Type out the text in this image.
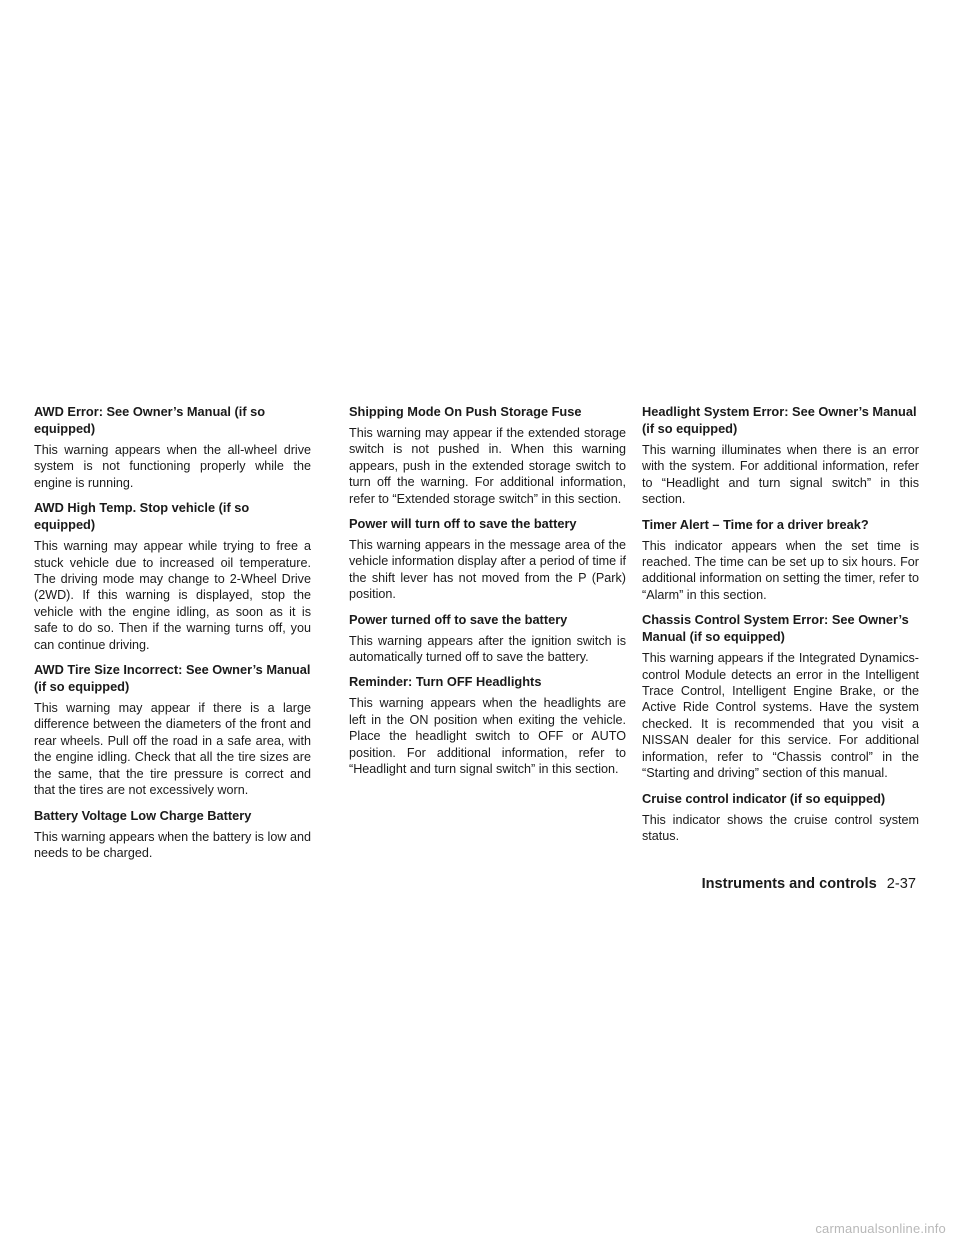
AWD Error: See Owner’s Manual (if so equipped)
This warning appears when the all-wheel drive system is not functioning properly while the engine is running.
AWD High Temp. Stop vehicle (if so equipped)
This warning may appear while trying to free a stuck vehicle due to increased oil temperature. The driving mode may change to 2-Wheel Drive (2WD). If this warning is displayed, stop the vehicle with the engine idling, as soon as it is safe to do so. Then if the warning turns off, you can continue driving.
AWD Tire Size Incorrect: See Owner’s Manual (if so equipped)
This warning may appear if there is a large difference between the diameters of the front and rear wheels. Pull off the road in a safe area, with the engine idling. Check that all the tire sizes are the same, that the tire pressure is correct and that the tires are not excessively worn.
Battery Voltage Low Charge Battery
This warning appears when the battery is low and needs to be charged.
Shipping Mode On Push Storage Fuse
This warning may appear if the extended storage switch is not pushed in. When this warning appears, push in the extended storage switch to turn off the warning. For additional information, refer to “Extended storage switch” in this section.
Power will turn off to save the battery
This warning appears in the message area of the vehicle information display after a period of time if the shift lever has not moved from the P (Park) position.
Power turned off to save the battery
This warning appears after the ignition switch is automatically turned off to save the battery.
Reminder: Turn OFF Headlights
This warning appears when the headlights are left in the ON position when exiting the vehicle. Place the headlight switch to OFF or AUTO position. For additional information, refer to “Headlight and turn signal switch” in this section.
Headlight System Error: See Owner’s Manual (if so equipped)
This warning illuminates when there is an error with the system. For additional information, refer to “Headlight and turn signal switch” in this section.
Timer Alert – Time for a driver break?
This indicator appears when the set time is reached. The time can be set up to six hours. For additional information on setting the timer, refer to “Alarm” in this section.
Chassis Control System Error: See Owner’s Manual (if so equipped)
This warning appears if the Integrated Dynamics-control Module detects an error in the Intelligent Trace Control, Intelligent Engine Brake, or the Active Ride Control systems. Have the system checked. It is recommended that you visit a NISSAN dealer for this service. For additional information, refer to “Chassis control” in the “Starting and driving” section of this manual.
Cruise control indicator (if so equipped)
This indicator shows the cruise control system status.
Instruments and controls 2-37
carmanualsonline.info
